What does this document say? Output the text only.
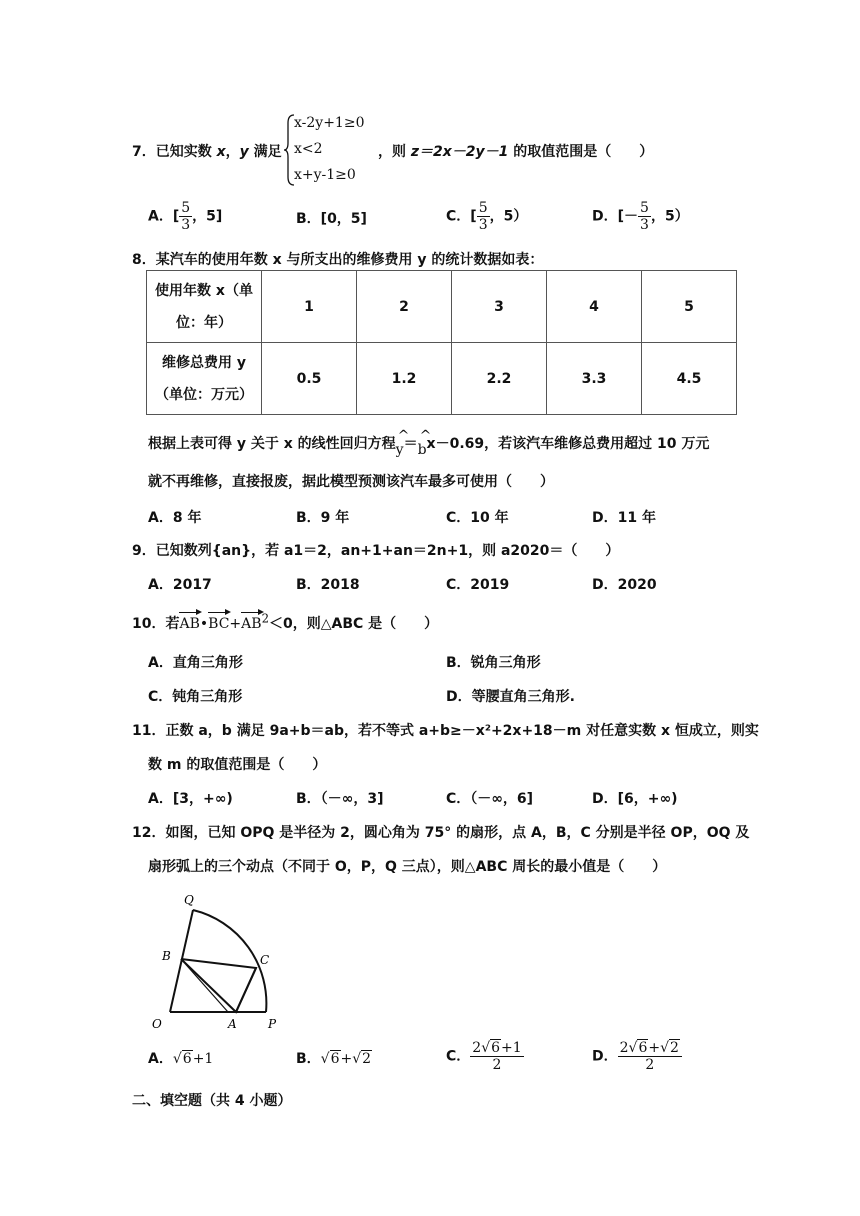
7．已知实数 x，y 满足
x-2y+1≥0
x<2
x+y-1≥0
，则 z＝2x－2y－1 的取值范围是（　　）
A．[ $\frac{5}{3}$ ，5]	B．[0，5]	C．[ $\frac{5}{3}$ ，5）	D．[－ $\frac{5}{3}$ ，5）
8．某汽车的使用年数 x 与所支出的维修费用 y 的统计数据如表：
使用年数 x（单
位：年）	1	2	3	4	5

维修总费用 y
（单位：万元）	0.5	1.2	2.2	3.3	4.5
根据上表可得 y 关于 x 的线性回归方程 ^
y＝ ^
bx－0.69，若该汽车维修总费用超过 10 万元
就不再维修，直接报废，据此模型预测该汽车最多可使用（　　）
A．8 年	B．9 年	C．10 年	D．11 年
9．已知数列{an}，若 a1＝2，an+1+an＝2n+1，则 a2020＝（　　）
A．2017	B．2018	C．2019	D．2020
10．若$AB•BC+AB^2<0$，则△ABC 是（　　）
A．直角三角形	B．锐角三角形
C．钝角三角形	D．等腰直角三角形.
11．正数 a，b 满足 9a+b＝ab，若不等式 a+b≥－x²+2x+18－m 对任意实数 x 恒成立，则实
数 m 的取值范围是（　　）
A．[3，+∞)	B．（－∞，3]	C．（－∞，6]	D．[6，+∞)
12．如图，已知 OPQ 是半径为 2，圆心角为 75° 的扇形，点 A，B，C 分别是半径 OP，OQ 及
扇形弧上的三个动点（不同于 O，P，Q 三点），则△ABC 周长的最小值是（　　）
Q
B	C
O	A	P
A．√6+1	B．√6+√2	C． $\frac{2√6+1}{2}$	D． $\frac{2√6+√2}{2}$
二、填空题（共 4 小题）
